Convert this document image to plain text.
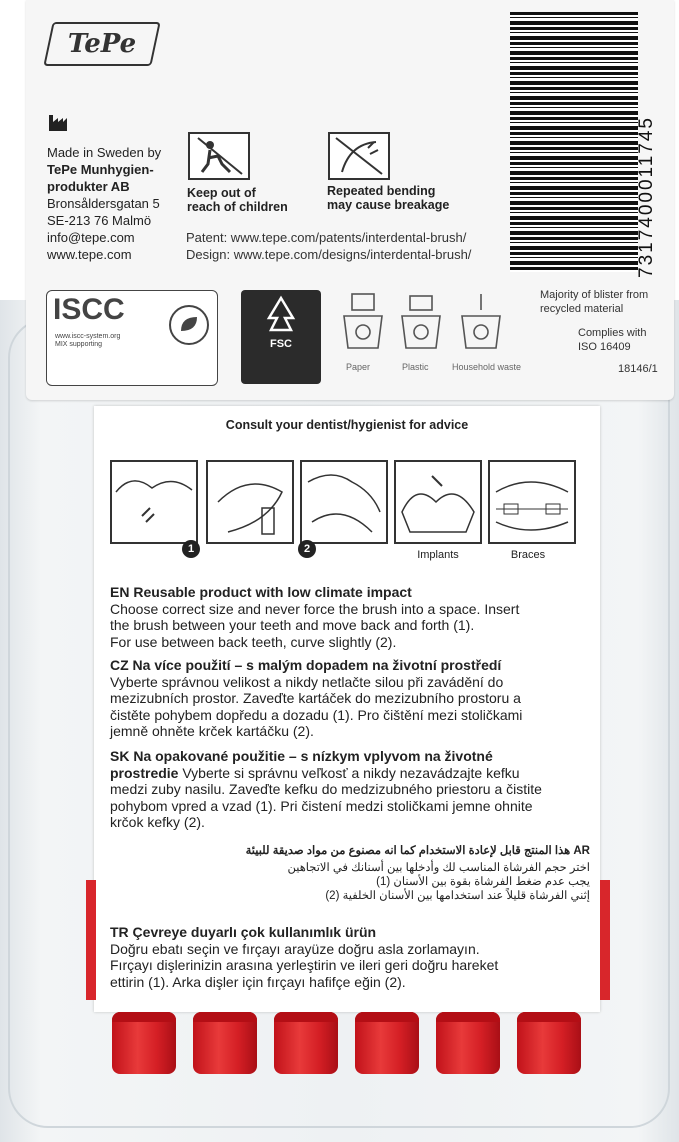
TePe
7317400011745
Made in Sweden by
TePe Munhygien-
produkter AB
Bronsåldersgatan 5
SE-213 76 Malmö
info@tepe.com
www.tepe.com
Keep out of
reach of children
Repeated bending
may cause breakage
Patent: www.tepe.com/patents/interdental-brush/
Design: www.tepe.com/designs/interdental-brush/
ISCC
www.iscc-system.org
MIX supporting	FSC
Paper	Plastic	Household waste
Majority of blister from
recycled material
Complies with
ISO 16409
18146/1
Consult your dentist/hygienist for advice
1	2	Implants	Braces
EN Reusable product with low climate impact
Choose correct size and never force the brush into a space. Insert
the brush between your teeth and move back and forth (1).
For use between back teeth, curve slightly (2).
CZ Na více použití – s malým dopadem na životní prostředí
Vyberte správnou velikost a nikdy netlačte silou při zavádění do
mezizubních prostor. Zaveďte kartáček do mezizubního prostoru a
čistěte pohybem dopředu a dozadu (1). Pro čištění mezi stoličkami
jemně ohněte krček kartáčku (2).
SK Na opakované použitie – s nízkym vplyvom na životné
prostredie Vyberte si správnu veľkosť a nikdy nezavádzajte kefku
medzi zuby nasilu. Zaveďte kefku do medzizubného priestoru a čistite
pohybom vpred a vzad (1). Pri čistení medzi stoličkami jemne ohnite
krčok kefky (2).
AR هذا المنتج قابل لإعادة الاستخدام كما انه مصنوع من مواد صديقة للبيئة
اختر حجم الفرشاة المناسب لك وأدخلها بين أسنانك في الاتجاهين
يجب عدم ضغط الفرشاة بقوة بين الأسنان (1)
إثني الفرشاة قليلاً عند استخدامها بين الأسنان الخلفية (2)
TR Çevreye duyarlı çok kullanımlık ürün
Doğru ebatı seçin ve fırçayı arayüze doğru asla zorlamayın.
Fırçayı dişlerinizin arasına yerleştirin ve ileri geri doğru hareket
ettirin (1). Arka dişler için fırçayı hafifçe eğin (2).
